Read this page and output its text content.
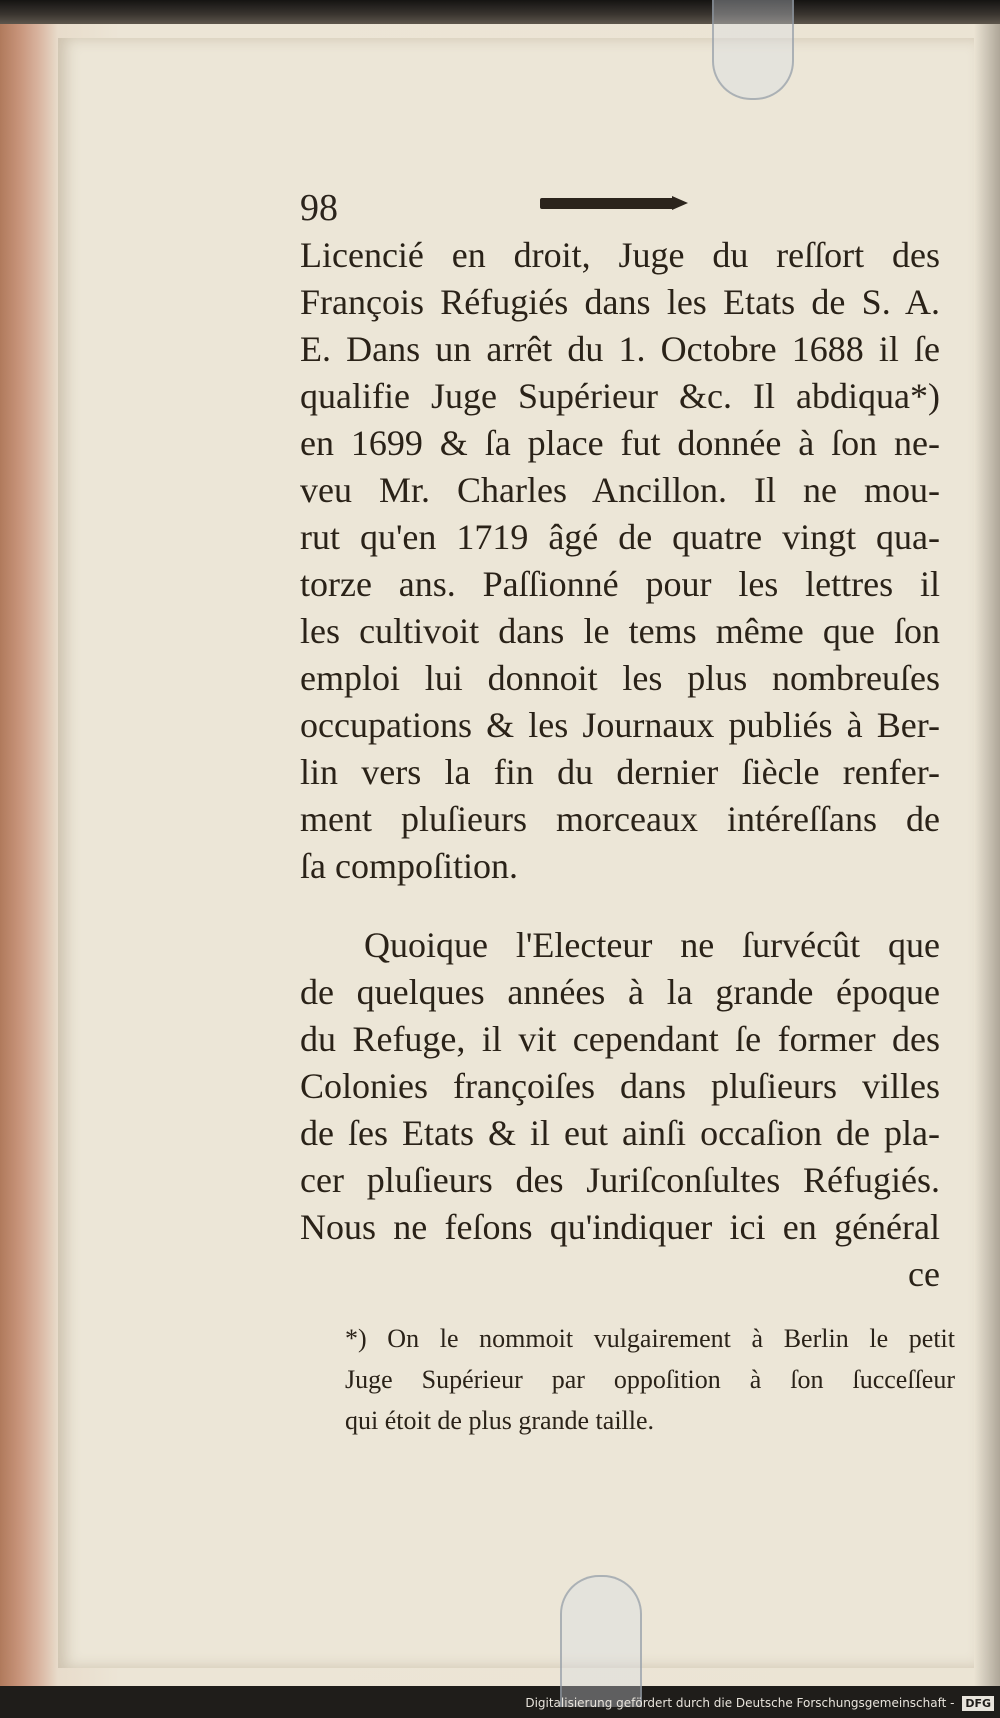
98
Licencié en droit, Juge du reſſort des
François Réfugiés dans les Etats de S. A.
E. Dans un arrêt du 1. Octobre 1688 il ſe
qualifie Juge Supérieur &c. Il abdiqua*)
en 1699 & ſa place fut donnée à ſon ne-
veu Mr. Charles Ancillon. Il ne mou-
rut qu'en 1719 âgé de quatre vingt qua-
torze ans. Paſſionné pour les lettres il
les cultivoit dans le tems même que ſon
emploi lui donnoit les plus nombreuſes
occupations & les Journaux publiés à Ber-
lin vers la fin du dernier ſiècle renfer-
ment pluſieurs morceaux intéreſſans de
ſa compoſition.
Quoique l'Electeur ne ſurvécût que
de quelques années à la grande époque
du Refuge, il vit cependant ſe former des
Colonies françoiſes dans pluſieurs villes
de ſes Etats & il eut ainſi occaſion de pla-
cer pluſieurs des Juriſconſultes Réfugiés.
Nous ne feſons qu'indiquer ici en général
ce
*) On le nommoit vulgairement à Berlin le petit
Juge Supérieur par oppoſition à ſon ſucceſſeur
qui étoit de plus grande taille.
Digitalisierung gefördert durch die Deutsche Forschungsgemeinschaft - DFG
